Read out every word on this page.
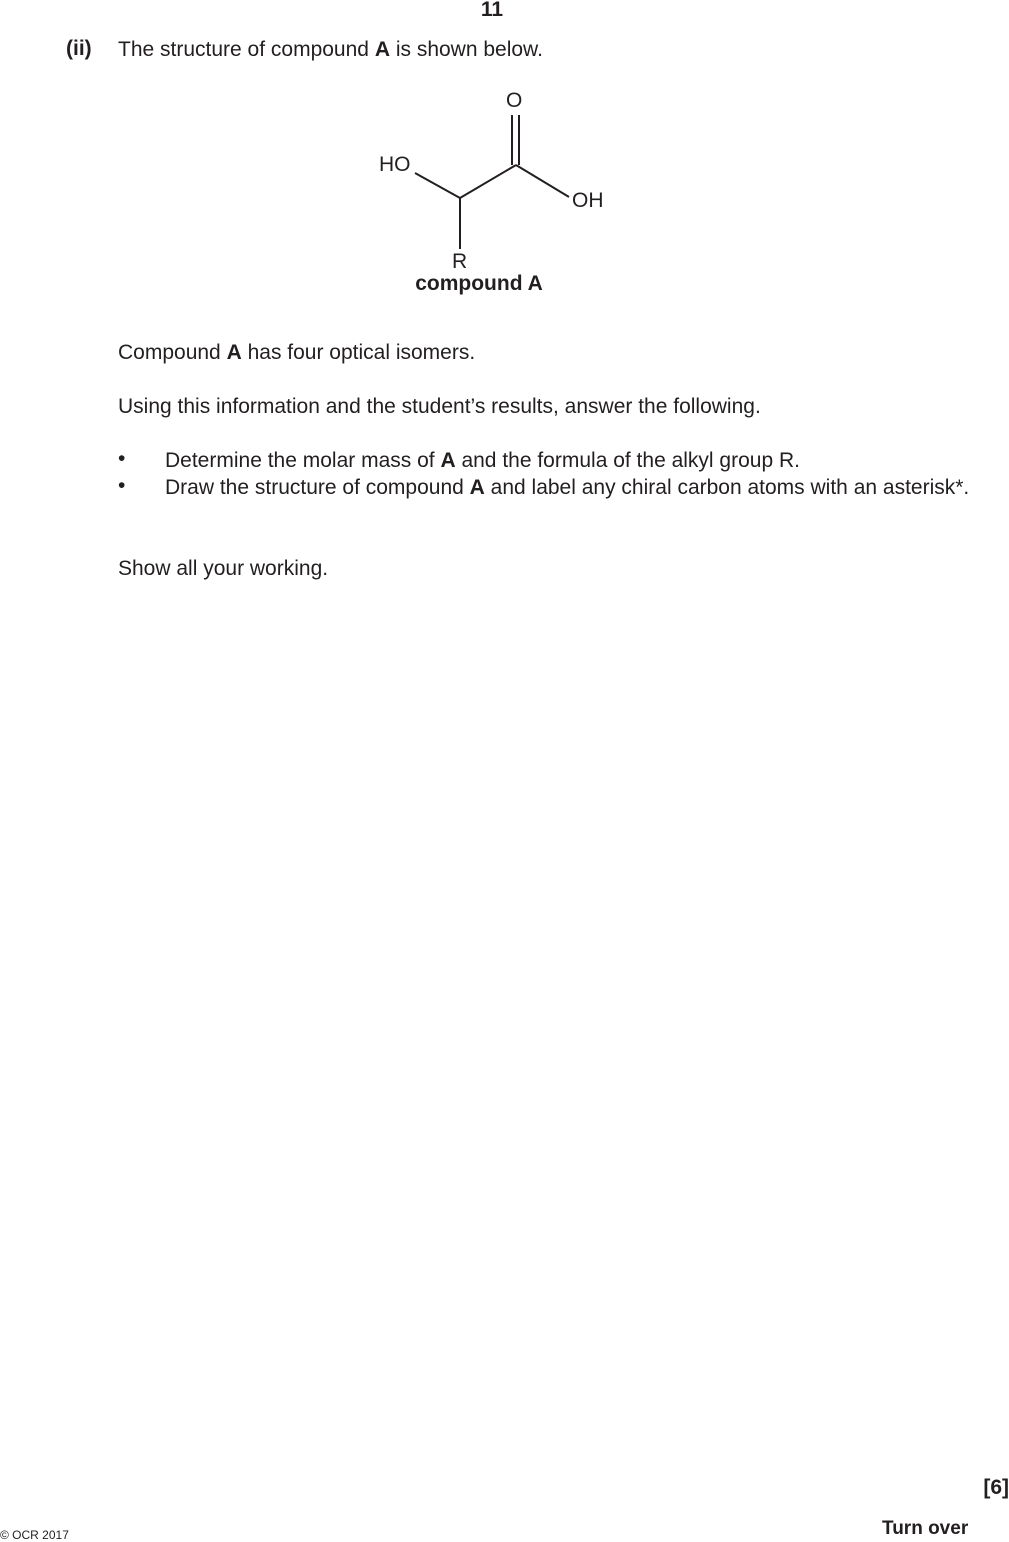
11
(ii) The structure of compound A is shown below.
O
HO
OH
R
compound A
Compound A has four optical isomers.
Using this information and the student’s results, answer the following.
• Determine the molar mass of A and the formula of the alkyl group R.
• Draw the structure of compound A and label any chiral carbon atoms with an asterisk*.
Show all your working.
[6]
Turn over
© OCR 2017
